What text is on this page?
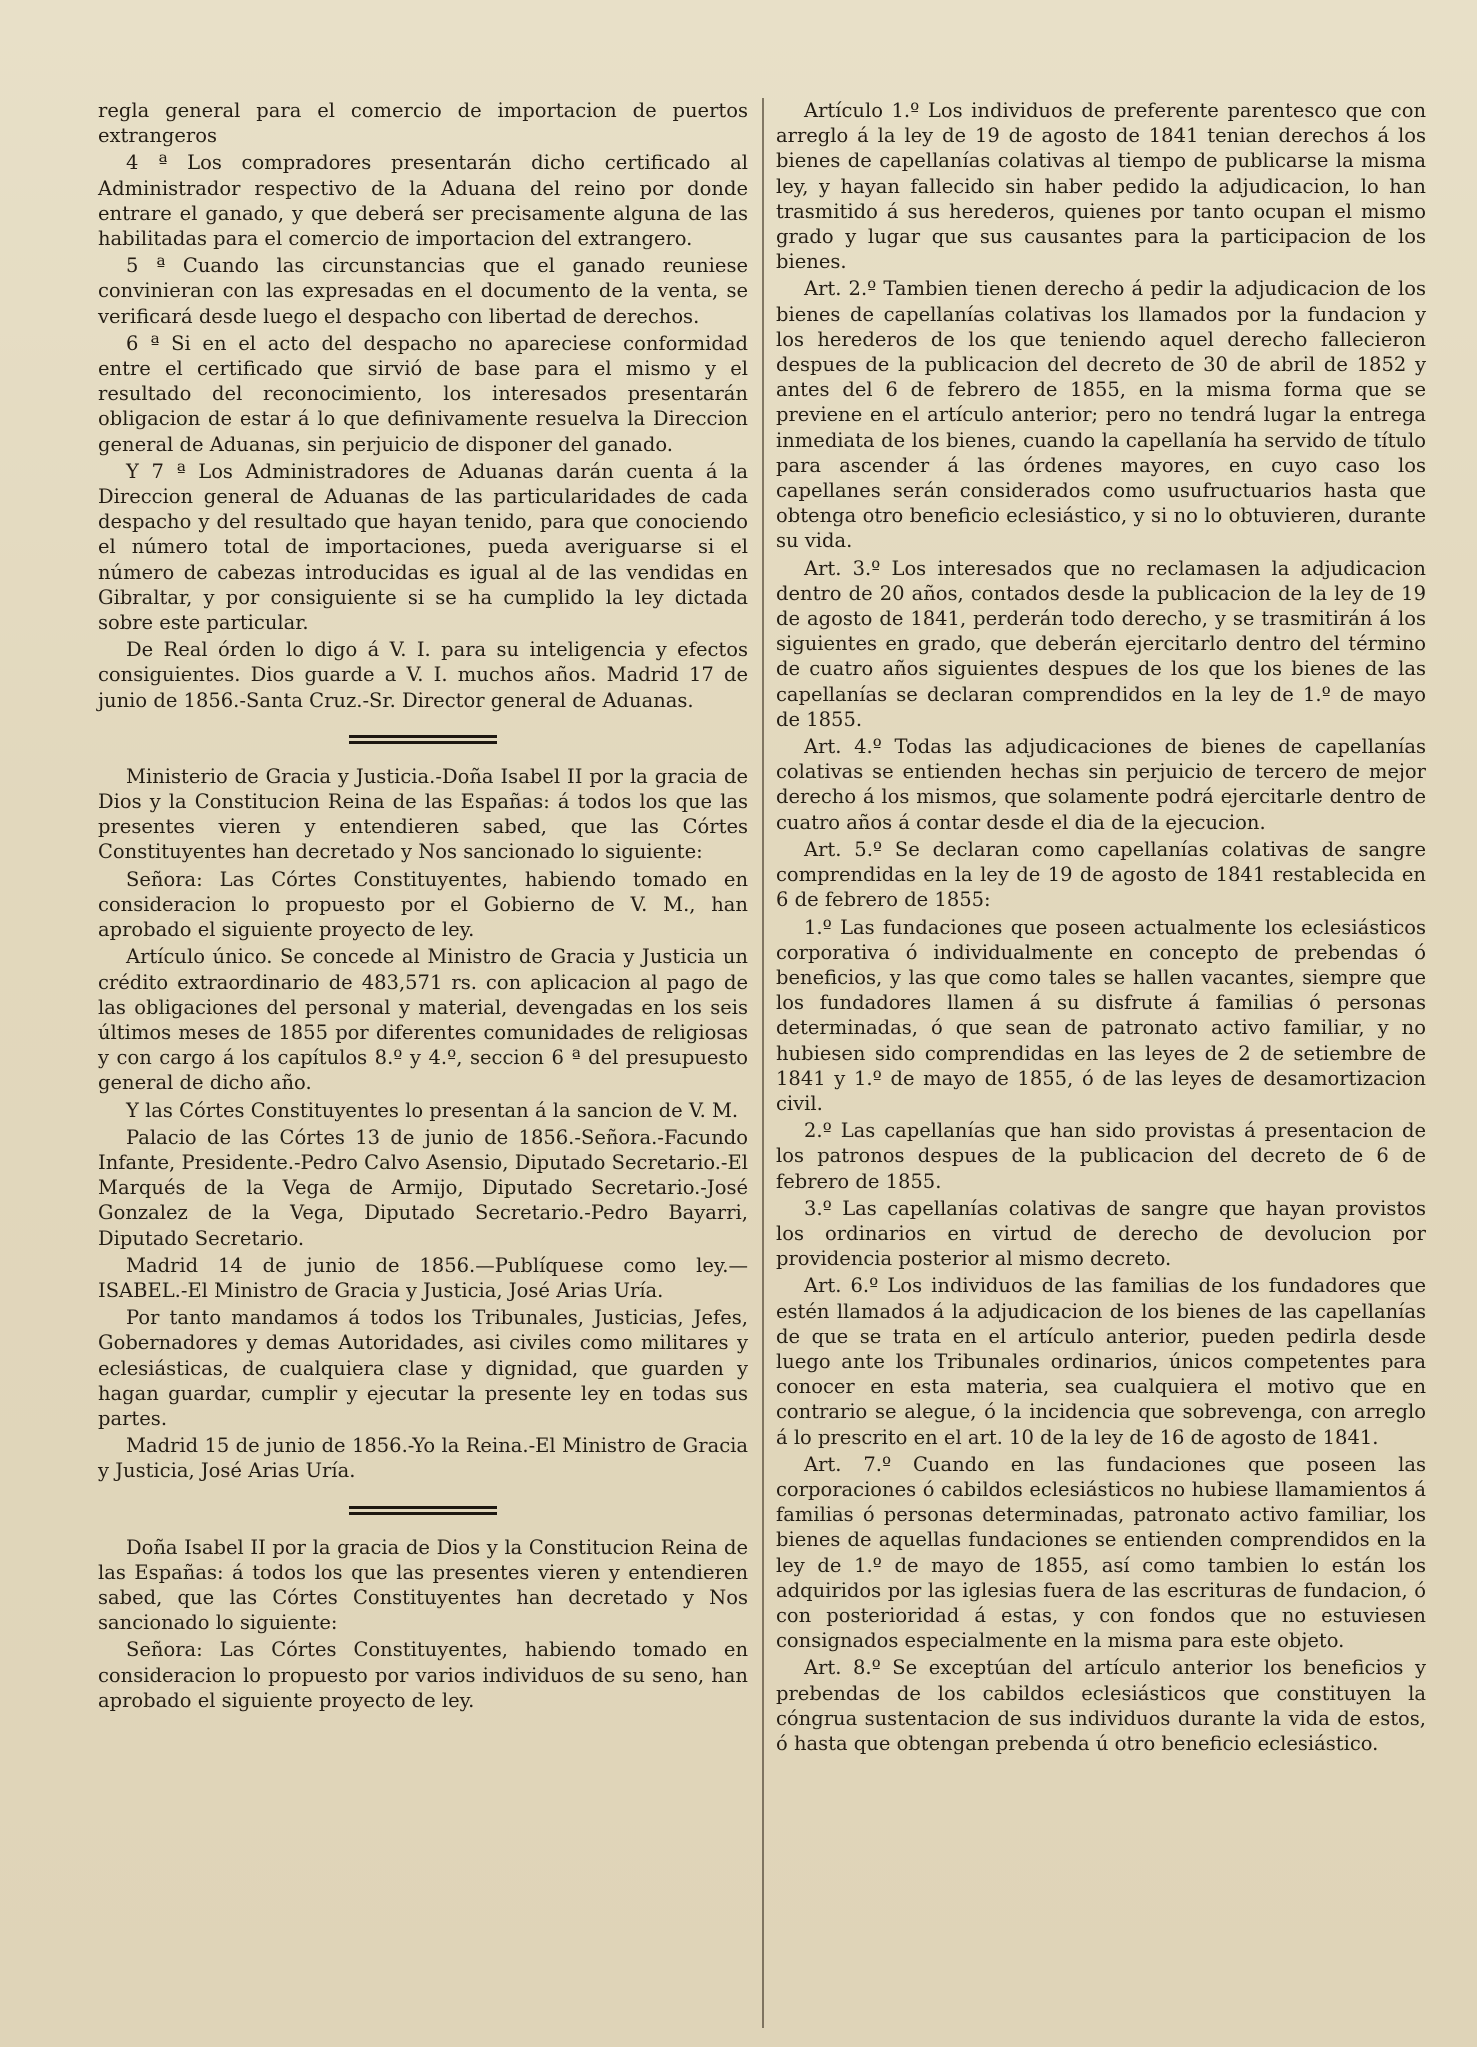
regla general para el comercio de importacion de puertos extrangeros

4 ª Los compradores presentarán dicho certificado al Administrador respectivo de la Aduana del reino por donde entrare el ganado, y que deberá ser precisamente alguna de las habilitadas para el comercio de importacion del extrangero.

5 ª Cuando las circunstancias que el ganado reuniese convinieran con las expresadas en el documento de la venta, se verificará desde luego el despacho con libertad de derechos.

6 ª Si en el acto del despacho no apareciese conformidad entre el certificado que sirvió de base para el mismo y el resultado del reconocimiento, los interesados presentarán obligacion de estar á lo que definivamente resuelva la Direccion general de Aduanas, sin perjuicio de disponer del ganado.

Y 7 ª Los Administradores de Aduanas darán cuenta á la Direccion general de Aduanas de las particularidades de cada despacho y del resultado que hayan tenido, para que conociendo el número total de importaciones, pueda averiguarse si el número de cabezas introducidas es igual al de las vendidas en Gibraltar, y por consiguiente si se ha cumplido la ley dictada sobre este particular.

De Real órden lo digo á V. I. para su inteligencia y efectos consiguientes. Dios guarde a V. I. muchos años. Madrid 17 de junio de 1856.-Santa Cruz.-Sr. Director general de Aduanas.

Ministerio de Gracia y Justicia.-Doña Isabel II por la gracia de Dios y la Constitucion Reina de las Españas: á todos los que las presentes vieren y entendieren sabed, que las Córtes Constituyentes han decretado y Nos sancionado lo siguiente:

Señora: Las Córtes Constituyentes, habiendo tomado en consideracion lo propuesto por el Gobierno de V. M., han aprobado el siguiente proyecto de ley.

Artículo único. Se concede al Ministro de Gracia y Justicia un crédito extraordinario de 483,571 rs. con aplicacion al pago de las obligaciones del personal y material, devengadas en los seis últimos meses de 1855 por diferentes comunidades de religiosas y con cargo á los capítulos 8.º y 4.º, seccion 6 ª del presupuesto general de dicho año.

Y las Córtes Constituyentes lo presentan á la sancion de V. M.

Palacio de las Córtes 13 de junio de 1856.-Señora.-Facundo Infante, Presidente.-Pedro Calvo Asensio, Diputado Secretario.-El Marqués de la Vega de Armijo, Diputado Secretario.-José Gonzalez de la Vega, Diputado Secretario.-Pedro Bayarri, Diputado Secretario.

Madrid 14 de junio de 1856.—Publíquese como ley.— ISABEL.-El Ministro de Gracia y Justicia, José Arias Uría.

Por tanto mandamos á todos los Tribunales, Justicias, Jefes, Gobernadores y demas Autoridades, asi civiles como militares y eclesiásticas, de cualquiera clase y dignidad, que guarden y hagan guardar, cumplir y ejecutar la presente ley en todas sus partes.

Madrid 15 de junio de 1856.-Yo la Reina.-El Ministro de Gracia y Justicia, José Arias Uría.

Doña Isabel II por la gracia de Dios y la Constitucion Reina de las Españas: á todos los que las presentes vieren y entendieren sabed, que las Córtes Constituyentes han decretado y Nos sancionado lo siguiente:

Señora: Las Córtes Constituyentes, habiendo tomado en consideracion lo propuesto por varios individuos de su seno, han aprobado el siguiente proyecto de ley.

Artículo 1.º Los individuos de preferente parentesco que con arreglo á la ley de 19 de agosto de 1841 tenian derechos á los bienes de capellanías colativas al tiempo de publicarse la misma ley, y hayan fallecido sin haber pedido la adjudicacion, lo han trasmitido á sus herederos, quienes por tanto ocupan el mismo grado y lugar que sus causantes para la participacion de los bienes.

Art. 2.º Tambien tienen derecho á pedir la adjudicacion de los bienes de capellanías colativas los llamados por la fundacion y los herederos de los que teniendo aquel derecho fallecieron despues de la publicacion del decreto de 30 de abril de 1852 y antes del 6 de febrero de 1855, en la misma forma que se previene en el artículo anterior; pero no tendrá lugar la entrega inmediata de los bienes, cuando la capellanía ha servido de título para ascender á las órdenes mayores, en cuyo caso los capellanes serán considerados como usufructuarios hasta que obtenga otro beneficio eclesiástico, y si no lo obtuvieren, durante su vida.

Art. 3.º Los interesados que no reclamasen la adjudicacion dentro de 20 años, contados desde la publicacion de la ley de 19 de agosto de 1841, perderán todo derecho, y se trasmitirán á los siguientes en grado, que deberán ejercitarlo dentro del término de cuatro años siguientes despues de los que los bienes de las capellanías se declaran comprendidos en la ley de 1.º de mayo de 1855.

Art. 4.º Todas las adjudicaciones de bienes de capellanías colativas se entienden hechas sin perjuicio de tercero de mejor derecho á los mismos, que solamente podrá ejercitarle dentro de cuatro años á contar desde el dia de la ejecucion.

Art. 5.º Se declaran como capellanías colativas de sangre comprendidas en la ley de 19 de agosto de 1841 restablecida en 6 de febrero de 1855:

1.º Las fundaciones que poseen actualmente los eclesiásticos corporativa ó individualmente en concepto de prebendas ó beneficios, y las que como tales se hallen vacantes, siempre que los fundadores llamen á su disfrute á familias ó personas determinadas, ó que sean de patronato activo familiar, y no hubiesen sido comprendidas en las leyes de 2 de setiembre de 1841 y 1.º de mayo de 1855, ó de las leyes de desamortizacion civil.

2.º Las capellanías que han sido provistas á presentacion de los patronos despues de la publicacion del decreto de 6 de febrero de 1855.

3.º Las capellanías colativas de sangre que hayan provistos los ordinarios en virtud de derecho de devolucion por providencia posterior al mismo decreto.

Art. 6.º Los individuos de las familias de los fundadores que estén llamados á la adjudicacion de los bienes de las capellanías de que se trata en el artículo anterior, pueden pedirla desde luego ante los Tribunales ordinarios, únicos competentes para conocer en esta materia, sea cualquiera el motivo que en contrario se alegue, ó la incidencia que sobrevenga, con arreglo á lo prescrito en el art. 10 de la ley de 16 de agosto de 1841.

Art. 7.º Cuando en las fundaciones que poseen las corporaciones ó cabildos eclesiásticos no hubiese llamamientos á familias ó personas determinadas, patronato activo familiar, los bienes de aquellas fundaciones se entienden comprendidos en la ley de 1.º de mayo de 1855, así como tambien lo están los adquiridos por las iglesias fuera de las escrituras de fundacion, ó con posterioridad á estas, y con fondos que no estuviesen consignados especialmente en la misma para este objeto.

Art. 8.º Se exceptúan del artículo anterior los beneficios y prebendas de los cabildos eclesiásticos que constituyen la cóngrua sustentacion de sus individuos durante la vida de estos, ó hasta que obtengan prebenda ú otro beneficio eclesiástico.
